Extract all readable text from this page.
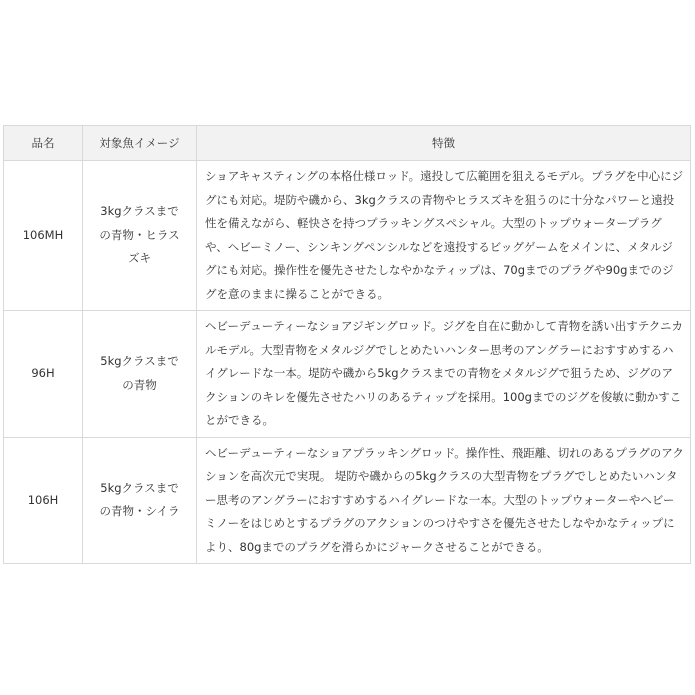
品名	対象魚イメージ	特徴
106MH	3kgクラスまでの青物・ヒラスズキ	ショアキャスティングの本格仕様ロッド。遠投して広範囲を狙えるモデル。プラグを中心にジグにも対応。堤防や磯から、3kgクラスの青物やヒラスズキを狙うのに十分なパワーと遠投性を備えながら、軽快さを持つプラッキングスペシャル。大型のトップウォータープラグや、ヘビーミノー、シンキングペンシルなどを遠投するビッグゲームをメインに、メタルジグにも対応。操作性を優先させたしなやかなティップは、70gまでのプラグや90gまでのジグを意のままに操ることができる。
96H	5kgクラスまでの青物	ヘビーデューティーなショアジギングロッド。ジグを自在に動かして青物を誘い出すテクニカルモデル。大型青物をメタルジグでしとめたいハンター思考のアングラーにおすすめするハイグレードな一本。堤防や磯から5kgクラスまでの青物をメタルジグで狙うため、ジグのアクションのキレを優先させたハリのあるティップを採用。100gまでのジグを俊敏に動かすことができる。
106H	5kgクラスまでの青物・シイラ	ヘビーデューティーなショアプラッキングロッド。操作性、飛距離、切れのあるプラグのアクションを高次元で実現。 堤防や磯からの5kgクラスの大型青物をプラグでしとめたいハンター思考のアングラーにおすすめするハイグレードな一本。大型のトップウォーターやヘビーミノーをはじめとするプラグのアクションのつけやすさを優先させたしなやかなティップにより、80gまでのプラグを滑らかにジャークさせることができる。
